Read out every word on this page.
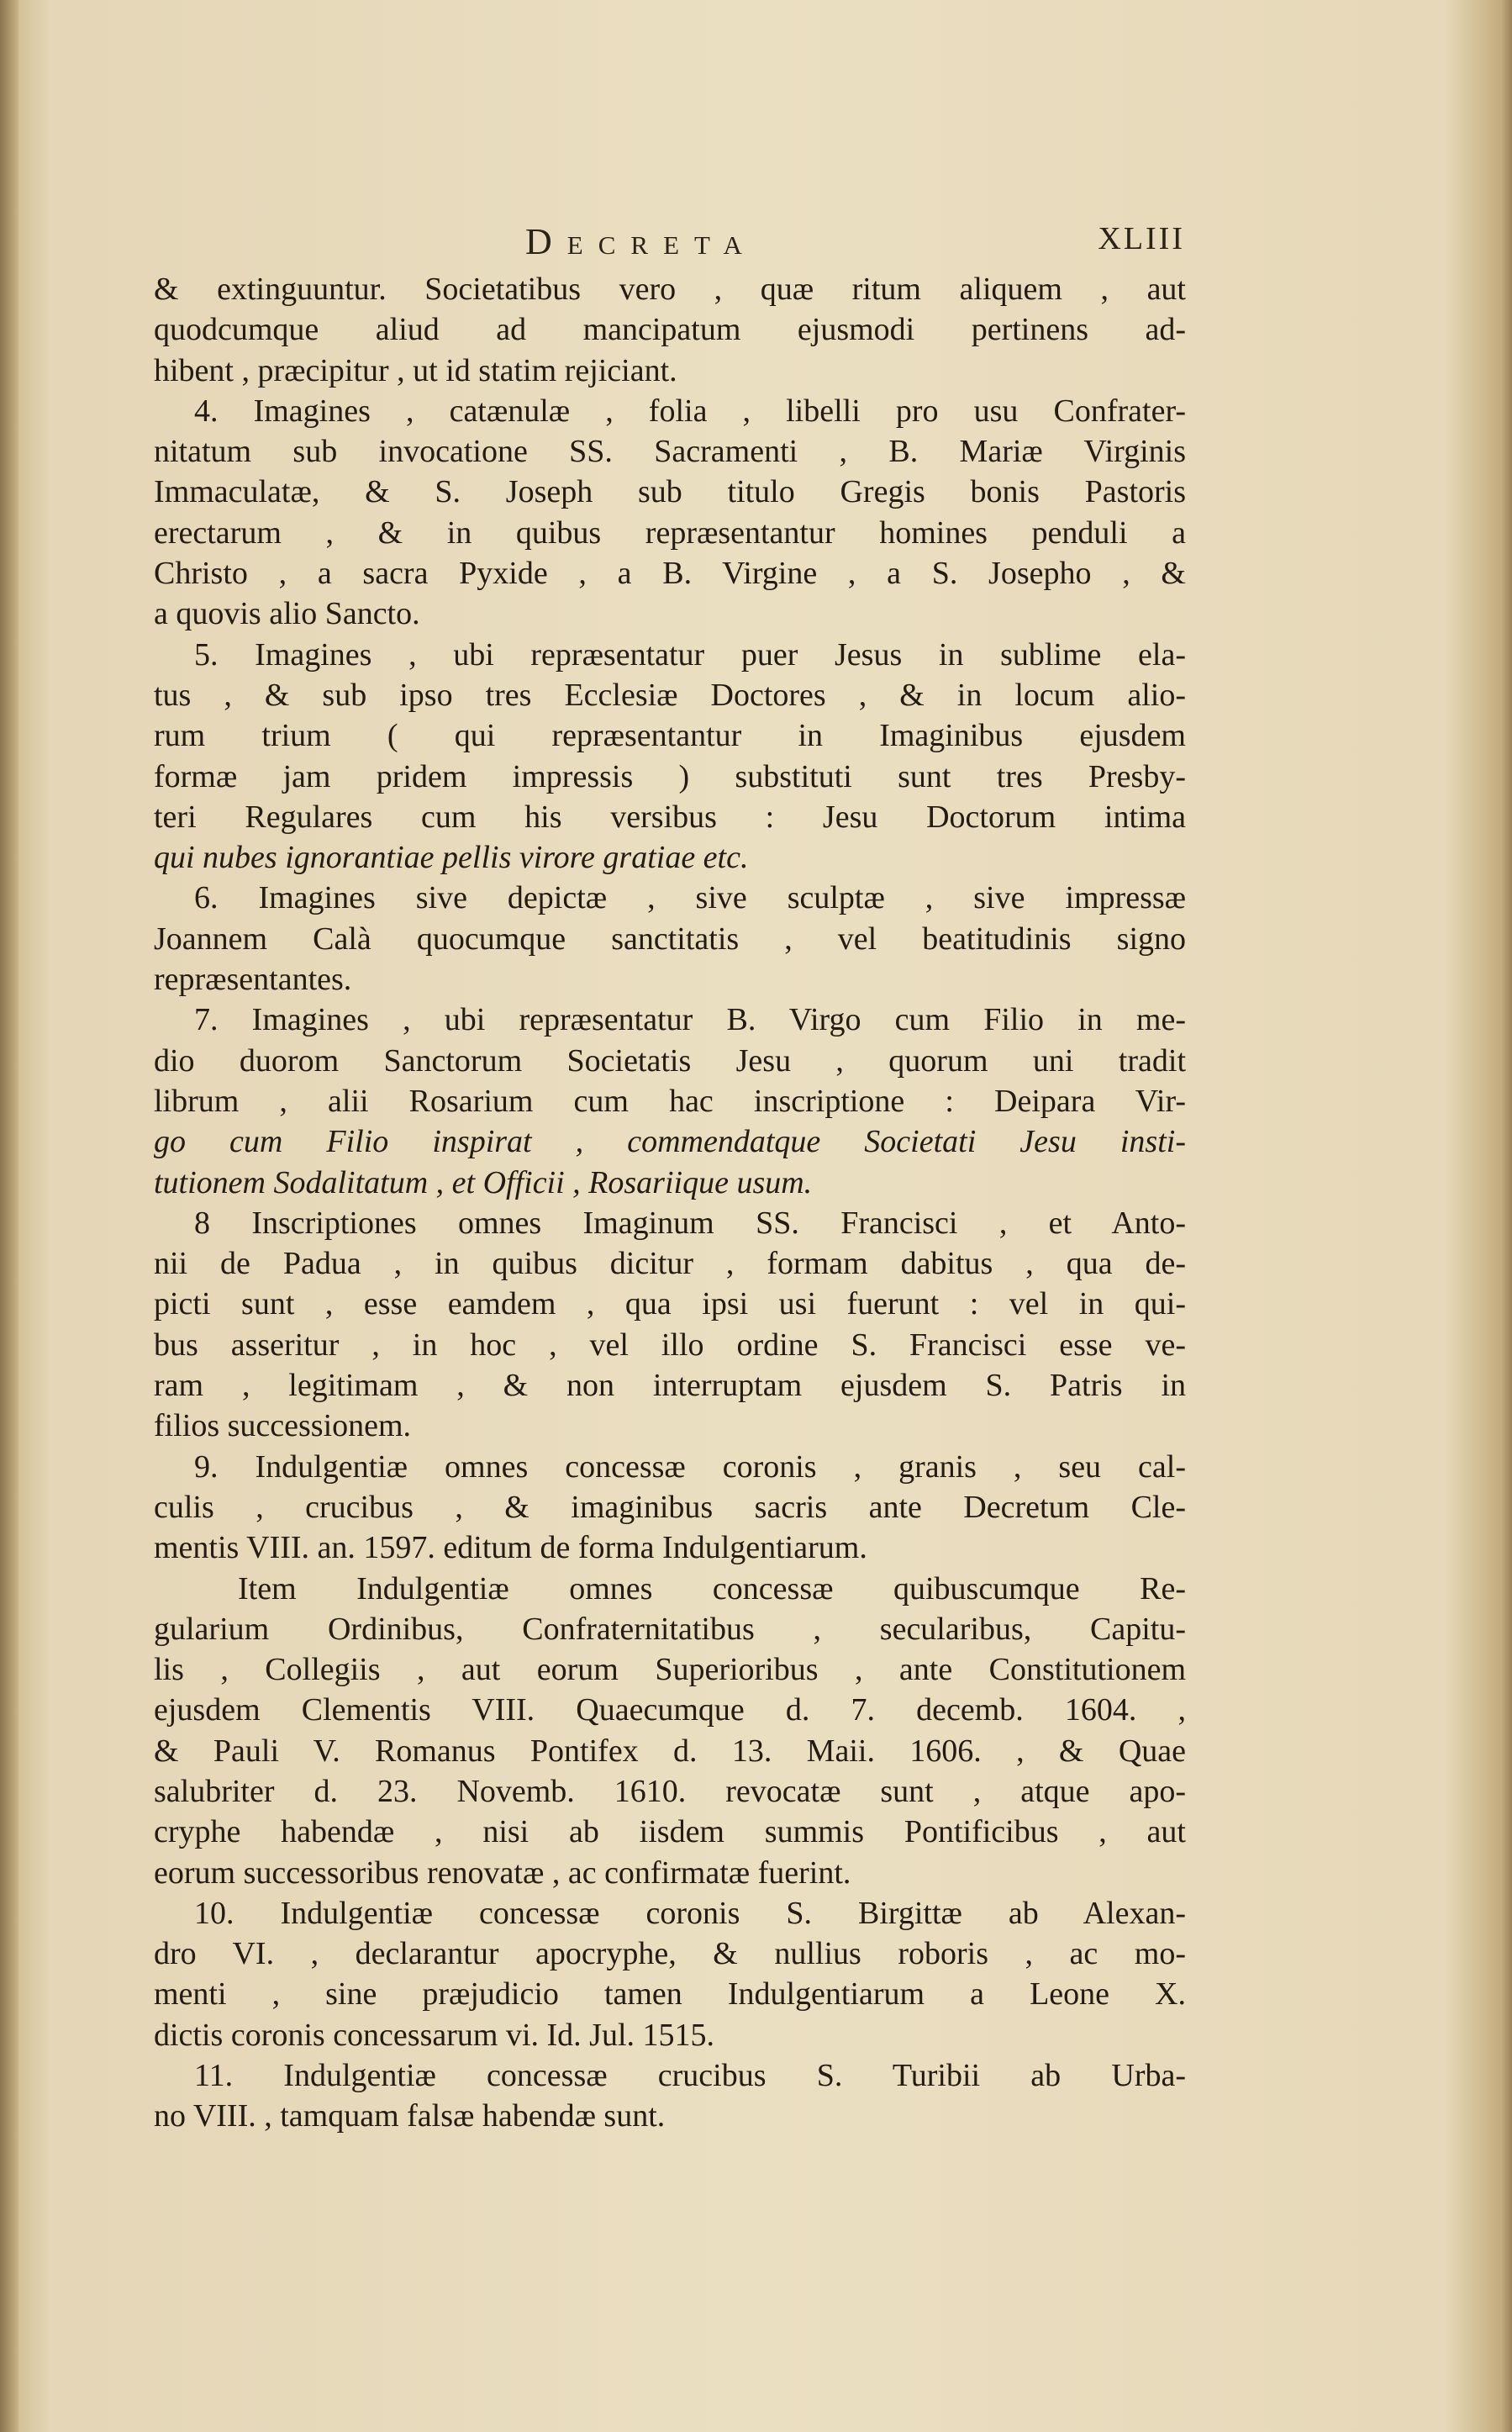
Decreta	XLIII
& extinguuntur. Societatibus vero , quæ ritum aliquem , aut
quodcumque aliud ad mancipatum ejusmodi pertinens ad-
hibent , præcipitur , ut id statim rejiciant.
4. Imagines , catænulæ , folia , libelli pro usu Confrater-
nitatum sub invocatione SS. Sacramenti , B. Mariæ Virginis
Immaculatæ, & S. Joseph sub titulo Gregis bonis Pastoris
erectarum , & in quibus repræsentantur homines penduli a
Christo , a sacra Pyxide , a B. Virgine , a S. Josepho , &
a quovis alio Sancto.
5. Imagines , ubi repræsentatur puer Jesus in sublime ela-
tus , & sub ipso tres Ecclesiæ Doctores , & in locum alio-
rum trium ( qui repræsentantur in Imaginibus ejusdem
formæ jam pridem impressis ) substituti sunt tres Presby-
teri Regulares cum his versibus : Jesu Doctorum intima
qui nubes ignorantiae pellis virore gratiae etc.
6. Imagines sive depictæ , sive sculptæ , sive impressæ
Joannem Calà quocumque sanctitatis , vel beatitudinis signo
repræsentantes.
7. Imagines , ubi repræsentatur B. Virgo cum Filio in me-
dio duorom Sanctorum Societatis Jesu , quorum uni tradit
librum , alii Rosarium cum hac inscriptione : Deipara Vir-
go cum Filio inspirat , commendatque Societati Jesu insti-
tutionem Sodalitatum , et Officii , Rosariique usum.
8 Inscriptiones omnes Imaginum SS. Francisci , et Anto-
nii de Padua , in quibus dicitur , formam dabitus , qua de-
picti sunt , esse eamdem , qua ipsi usi fuerunt : vel in qui-
bus asseritur , in hoc , vel illo ordine S. Francisci esse ve-
ram , legitimam , & non interruptam ejusdem S. Patris in
filios successionem.
9. Indulgentiæ omnes concessæ coronis , granis , seu cal-
culis , crucibus , & imaginibus sacris ante Decretum Cle-
mentis VIII. an. 1597. editum de forma Indulgentiarum.
Item Indulgentiæ omnes concessæ quibuscumque Re-
gularium Ordinibus, Confraternitatibus , secularibus, Capitu-
lis , Collegiis , aut eorum Superioribus , ante Constitutionem
ejusdem Clementis VIII. Quaecumque d. 7. decemb. 1604. ,
& Pauli V. Romanus Pontifex d. 13. Maii. 1606. , & Quae
salubriter d. 23. Novemb. 1610. revocatæ sunt , atque apo-
cryphe habendæ , nisi ab iisdem summis Pontificibus , aut
eorum successoribus renovatæ , ac confirmatæ fuerint.
10. Indulgentiæ concessæ coronis S. Birgittæ ab Alexan-
dro VI. , declarantur apocryphe, & nullius roboris , ac mo-
menti , sine præjudicio tamen Indulgentiarum a Leone X.
dictis coronis concessarum vi. Id. Jul. 1515.
11. Indulgentiæ concessæ crucibus S. Turibii ab Urba-
no VIII. , tamquam falsæ habendæ sunt.
